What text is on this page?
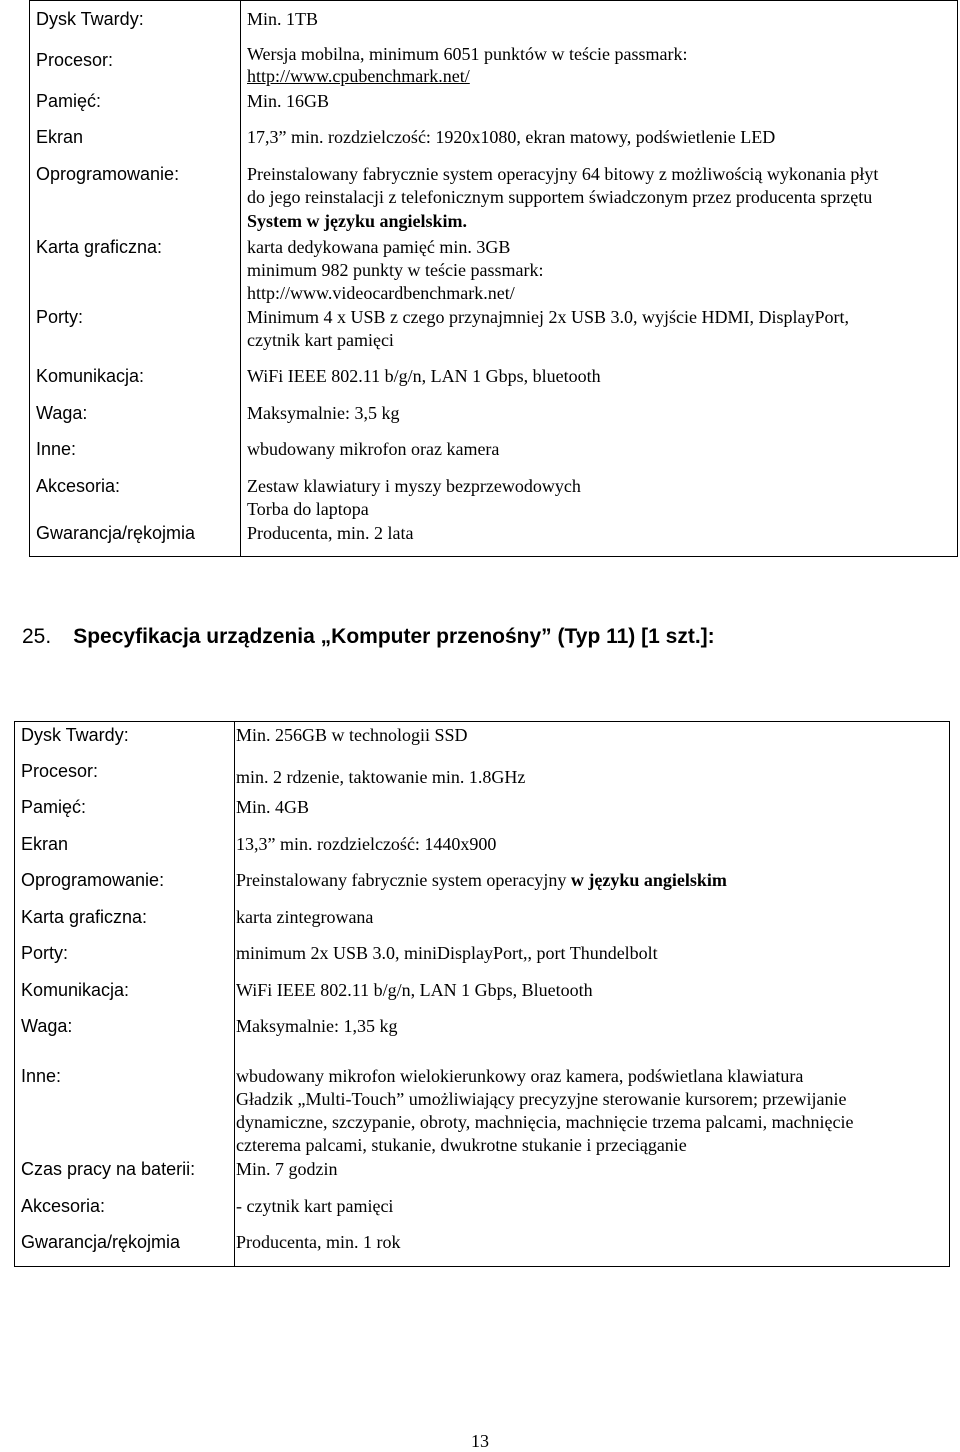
Dysk Twardy:
Procesor:
Pamięć:
Ekran
Oprogramowanie:
Karta graficzna:
Porty:
Komunikacja:
Waga:
Inne:
Akcesoria:
Gwarancja/rękojmia
Min. 1TB
Wersja mobilna, minimum 6051 punktów w teście passmark:
http://www.cpubenchmark.net/
Min. 16GB
17,3” min. rozdzielczość: 1920x1080, ekran matowy, podświetlenie LED
Preinstalowany fabrycznie system operacyjny 64 bitowy z możliwością wykonania płyt
do jego reinstalacji z telefonicznym supportem świadczonym przez producenta sprzętu
System w języku angielskim.
karta dedykowana pamięć min. 3GB
minimum 982 punkty w teście passmark:
http://www.videocardbenchmark.net/
Minimum 4 x USB z czego przynajmniej 2x USB 3.0, wyjście HDMI, DisplayPort,
czytnik kart pamięci
WiFi IEEE 802.11 b/g/n, LAN 1 Gbps, bluetooth
Maksymalnie: 3,5 kg
wbudowany mikrofon oraz kamera
Zestaw klawiatury i myszy bezprzewodowych
Torba do laptopa
Producenta, min. 2 lata
25. Specyfikacja urządzenia „Komputer przenośny” (Typ 11) [1 szt.]:
Dysk Twardy:
Procesor:
Pamięć:
Ekran
Oprogramowanie:
Karta graficzna:
Porty:
Komunikacja:
Waga:
Inne:
Czas pracy na baterii:
Akcesoria:
Gwarancja/rękojmia
Min. 256GB w technologii SSD
min. 2 rdzenie, taktowanie min. 1.8GHz
Min. 4GB
13,3” min. rozdzielczość: 1440x900
Preinstalowany fabrycznie system operacyjny w języku angielskim
karta zintegrowana
minimum 2x USB 3.0, miniDisplayPort,, port Thundelbolt
WiFi IEEE 802.11 b/g/n, LAN 1 Gbps, Bluetooth
Maksymalnie: 1,35 kg
wbudowany mikrofon wielokierunkowy oraz kamera, podświetlana klawiatura
Gładzik „Multi-Touch” umożliwiający precyzyjne sterowanie kursorem; przewijanie
dynamiczne, szczypanie, obroty, machnięcia, machnięcie trzema palcami, machnięcie
czterema palcami, stukanie, dwukrotne stukanie i przeciąganie
Min. 7 godzin
- czytnik kart pamięci
Producenta, min. 1 rok
13
